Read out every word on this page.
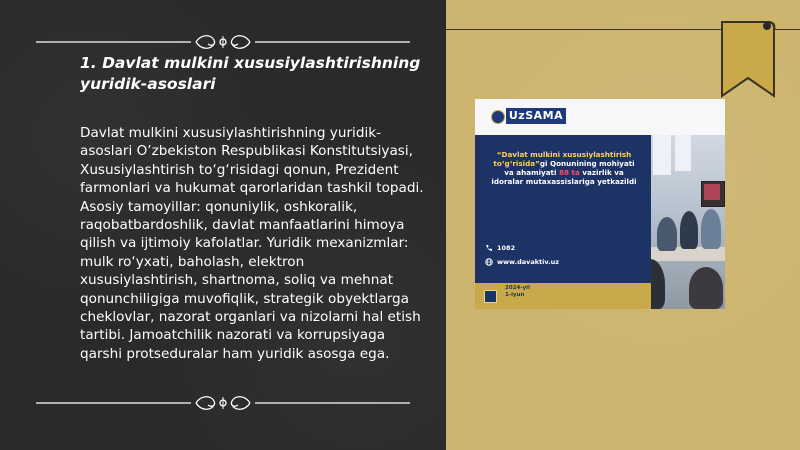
1. Davlat mulkini xususiylashtirishning yuridik-asoslari
Davlat mulkini xususiylashtirishning yuridik-asoslari O’zbekiston Respublikasi Konstitutsiyasi, Xususiylashtirish to‘g‘risidagi qonun, Prezident farmonlari va hukumat qarorlaridan tashkil topadi. Asosiy tamoyillar: qonuniylik, oshkoralik, raqobatbardoshlik, davlat manfaatlarini himoya qilish va ijtimoiy kafolatlar. Yuridik mexanizmlar: mulk ro‘yxati, baholash, elektron xususiylashtirish, shartnoma, soliq va mehnat qonunchiligiga muvofiqlik, strategik obyektlarga cheklovlar, nazorat organlari va nizolarni hal etish tartibi. Jamoatchilik nazorati va korrupsiyaga qarshi protseduralar ham yuridik asosga ega.
UzSAMA
“Davlat mulkini xususiylashtirish to‘g‘risida”gi Qonunining mohiyati va ahamiyati 88 ta vazirlik va idoralar mutaxassislariga yetkazildi
1082
www.davaktiv.uz
2024-yil
1-iyun
